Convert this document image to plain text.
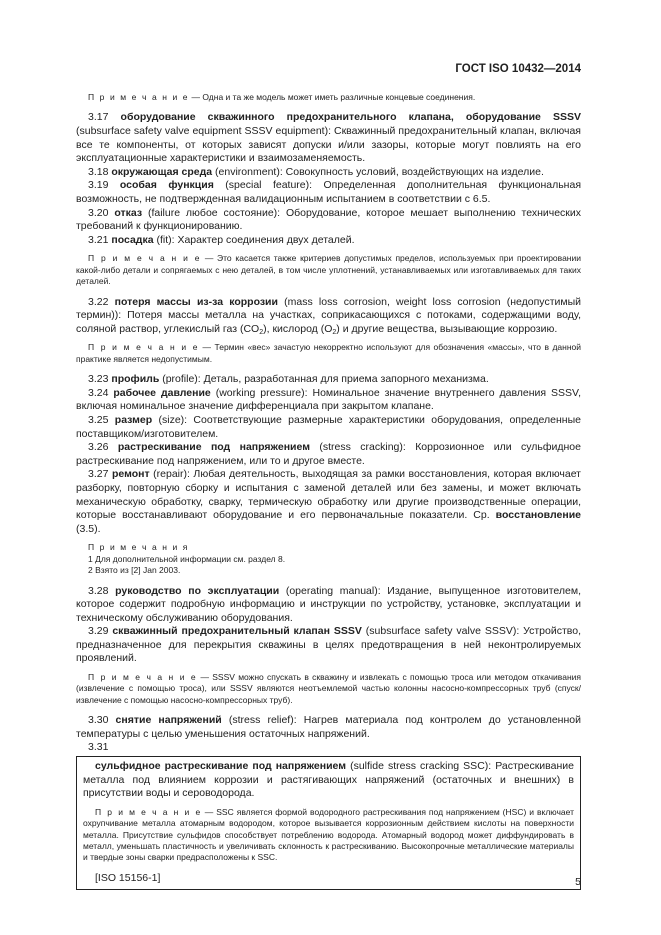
ГОСТ ISO 10432—2014

П р и м е ч а н и е — Одна и та же модель может иметь различные концевые соединения.

3.17 оборудование скважинного предохранительного клапана, оборудование SSSV (subsurface safety valve equipment SSSV equipment): Скважинный предохранительный клапан, включая все те компоненты, от которых зависят допуски и/или зазоры, которые могут повлиять на его эксплуатационные характеристики и взаимозаменяемость.

3.18 окружающая среда (environment): Совокупность условий, воздействующих на изделие.

3.19 особая функция (special feature): Определенная дополнительная функциональная возможность, не подтвержденная валидационным испытанием в соответствии с 6.5.

3.20 отказ (failure любое состояние): Оборудование, которое мешает выполнению технических требований к функционированию.

3.21 посадка (fit): Характер соединения двух деталей.

П р и м е ч а н и е — Это касается также критериев допустимых пределов, используемых при проектировании какой-либо детали и сопрягаемых с нею деталей, в том числе уплотнений, устанавливаемых или изготавливаемых для таких деталей.

3.22 потеря массы из-за коррозии (mass loss corrosion, weight loss corrosion (недопустимый термин)): Потеря массы металла на участках, соприкасающихся с потоками, содержащими воду, соляной раствор, углекислый газ $(CO_2)$, кислород $(O_2)$ и другие вещества, вызывающие коррозию.

П р и м е ч а н и е — Термин «вес» зачастую некорректно используют для обозначения «массы», что в данной практике является недопустимым.

3.23 профиль (profile): Деталь, разработанная для приема запорного механизма.

3.24 рабочее давление (working pressure): Номинальное значение внутреннего давления SSSV, включая номинальное значение дифференциала при закрытом клапане.

3.25 размер (size): Соответствующие размерные характеристики оборудования, определенные поставщиком/изготовителем.

3.26 растрескивание под напряжением (stress cracking): Коррозионное или сульфидное растрескивание под напряжением, или то и другое вместе.

3.27 ремонт (repair): Любая деятельность, выходящая за рамки восстановления, которая включает разборку, повторную сборку и испытания с заменой деталей или без замены, и может включать механическую обработку, сварку, термическую обработку или другие производственные операции, которые восстанавливают оборудование и его первоначальные показатели. Ср. восстановление (3.5).

П р и м е ч а н и я

1 Для дополнительной информации см. раздел 8.

2 Взято из [2] Jan 2003.

3.28 руководство по эксплуатации (operating manual): Издание, выпущенное изготовителем, которое содержит подробную информацию и инструкции по устройству, установке, эксплуатации и техническому обслуживанию оборудования.

3.29 скважинный предохранительный клапан SSSV (subsurface safety valve SSSV): Устройство, предназначенное для перекрытия скважины в целях предотвращения в ней неконтролируемых проявлений.

П р и м е ч а н и е — SSSV можно спускать в скважину и извлекать с помощью троса или методом откачивания (извлечение с помощью троса), или SSSV являются неотъемлемой частью колонны насосно-компрессорных труб (спуск/извлечение с помощью насосно-компрессорных труб).

3.30 снятие напряжений (stress relief): Нагрев материала под контролем до установленной температуры с целью уменьшения остаточных напряжений.

3.31

сульфидное растрескивание под напряжением (sulfide stress cracking SSC): Растрескивание металла под влиянием коррозии и растягивающих напряжений (остаточных и внешних) в присутствии воды и сероводорода.

П р и м е ч а н и е — SSC является формой водородного растрескивания под напряжением (HSC) и включает охрупчивание металла атомарным водородом, которое вызывается коррозионным действием кислоты на поверхности металла. Присутствие сульфидов способствует потреблению водорода. Атомарный водород может диффундировать в металл, уменьшать пластичность и увеличивать склонность к растрескиванию. Высокопрочные металлические материалы и твердые зоны сварки предрасположены к SSC.

[ISO 15156-1]	5
